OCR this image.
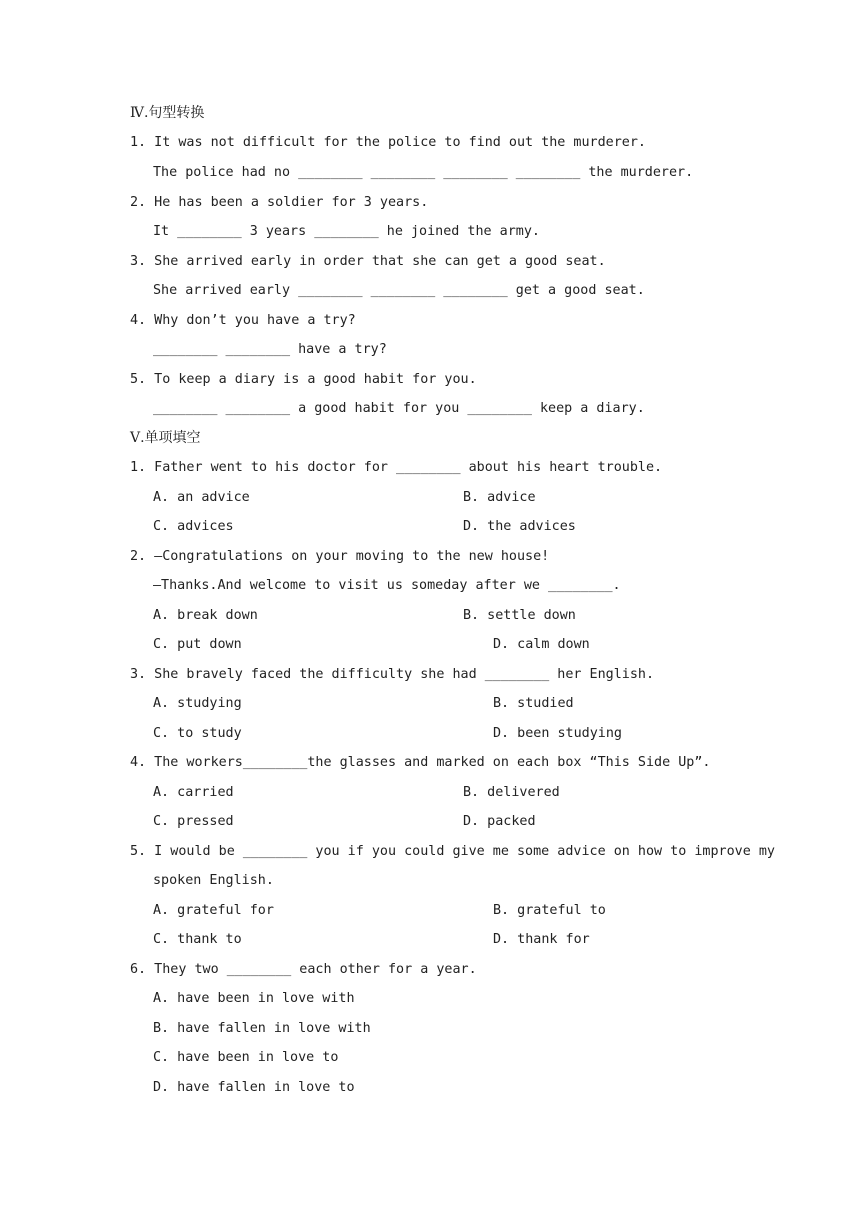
Ⅳ.句型转换
1. It was not difficult for the police to find out the murderer.
The police had no ________ ________ ________ ________ the murderer.
2. He has been a soldier for 3 years.
It ________ 3 years ________ he joined the army.
3. She arrived early in order that she can get a good seat.
She arrived early ________ ________ ________ get a good seat.
4. Why don’t you have a try?
________ ________ have a try?
5. To keep a diary is a good habit for you.
________ ________ a good habit for you ________ keep a diary.
Ⅴ.单项填空
1. Father went to his doctor for ________ about his heart trouble.
A. an advice	B. advice
C. advices	D. the advices
2. —Congratulations on your moving to the new house!
—Thanks.And welcome to visit us someday after we ________.
A. break down	B. settle down
C. put down	D. calm down
3. She bravely faced the difficulty she had ________ her English.
A. studying	B. studied
C. to study	D. been studying
4. The workers________the glasses and marked on each box “This Side Up”.
A. carried	B. delivered
C. pressed	D. packed
5. I would be ________ you if you could give me some advice on how to improve my
spoken English.
A. grateful for	B. grateful to
C. thank to	D. thank for
6. They two ________ each other for a year.
A. have been in love with
B. have fallen in love with
C. have been in love to
D. have fallen in love to
